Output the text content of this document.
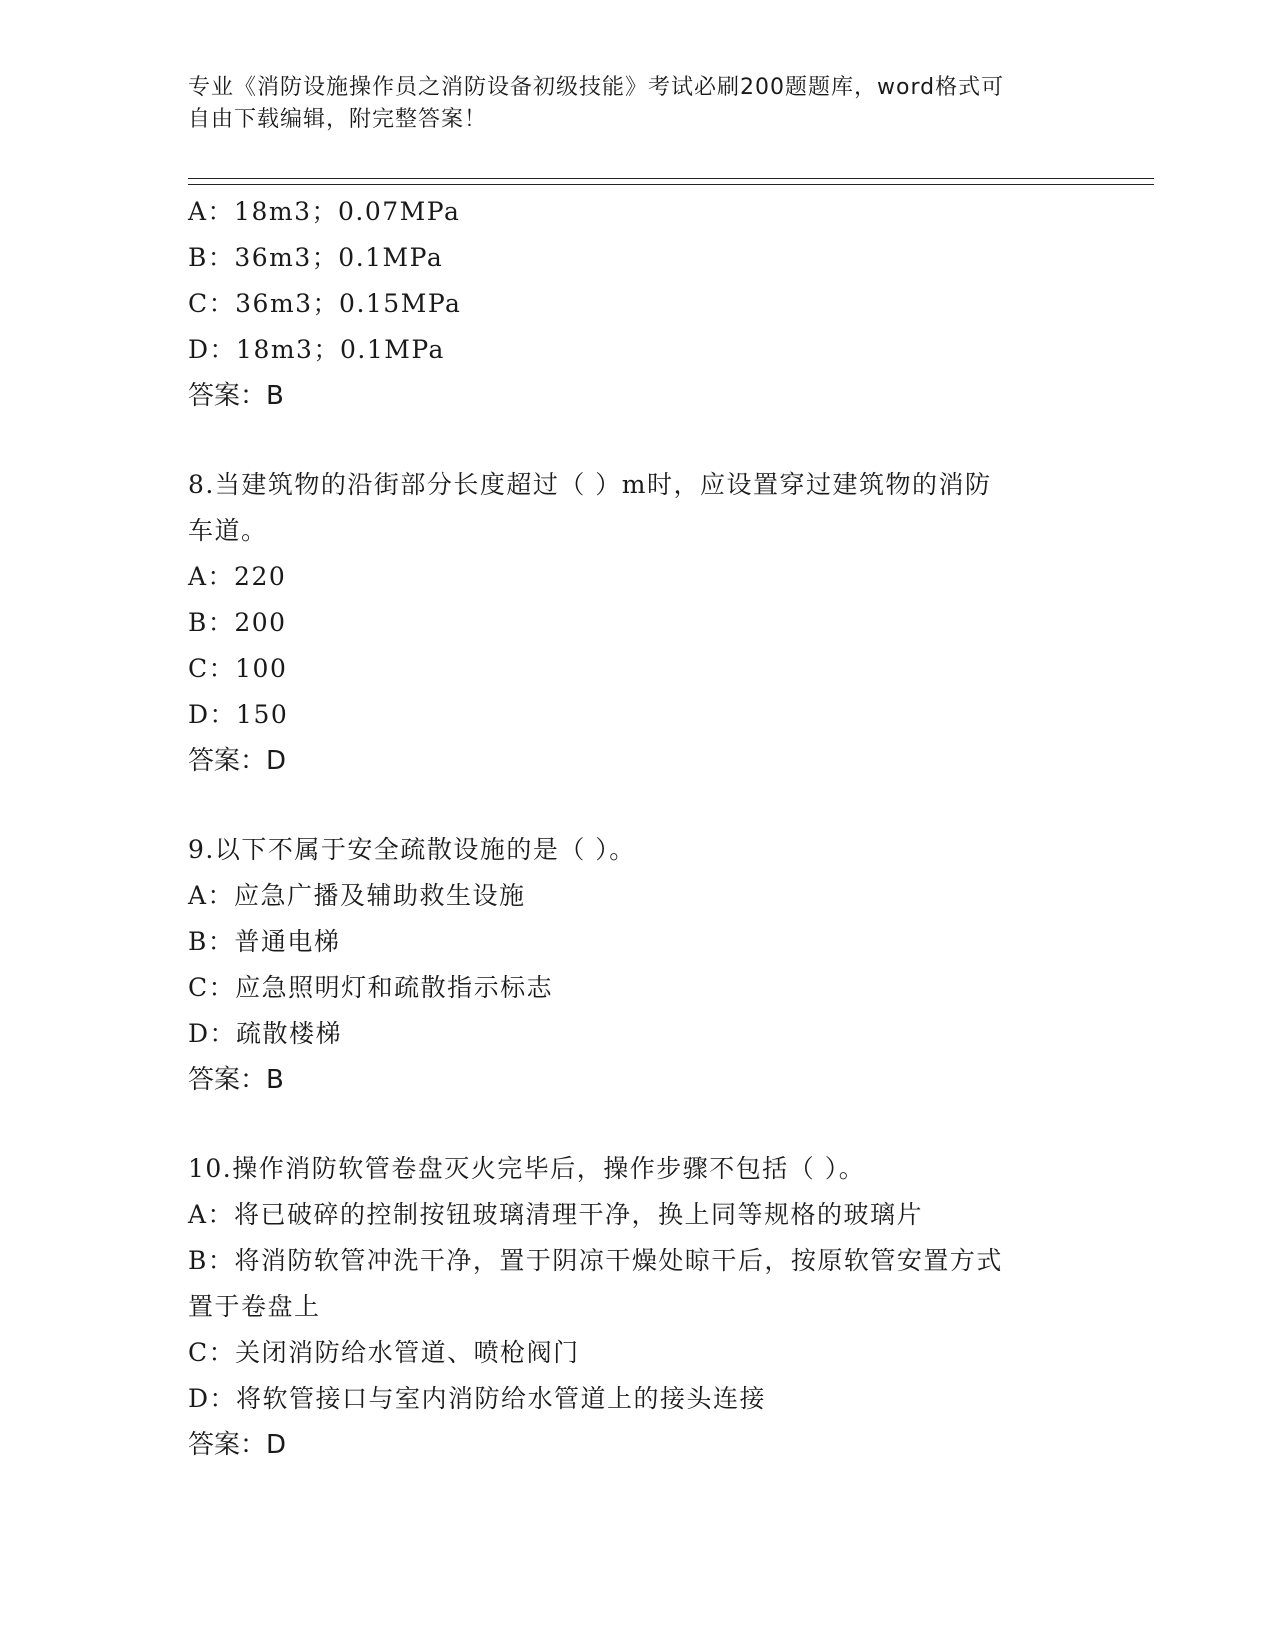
专业《消防设施操作员之消防设备初级技能》考试必刷200题题库，word格式可
自由下载编辑，附完整答案！
A：18m3；0.07MPa
B：36m3；0.1MPa
C：36m3；0.15MPa
D：18m3；0.1MPa
答案：B
8.当建筑物的沿街部分长度超过（ ）m时，应设置穿过建筑物的消防
车道。
A：220
B：200
C：100
D：150
答案：D
9.以下不属于安全疏散设施的是（ ）。
A：应急广播及辅助救生设施
B：普通电梯
C：应急照明灯和疏散指示标志
D：疏散楼梯
答案：B
10.操作消防软管卷盘灭火完毕后，操作步骤不包括（ ）。
A：将已破碎的控制按钮玻璃清理干净，换上同等规格的玻璃片
B：将消防软管冲洗干净，置于阴凉干燥处晾干后，按原软管安置方式
置于卷盘上
C：关闭消防给水管道、喷枪阀门
D：将软管接口与室内消防给水管道上的接头连接
答案：D
